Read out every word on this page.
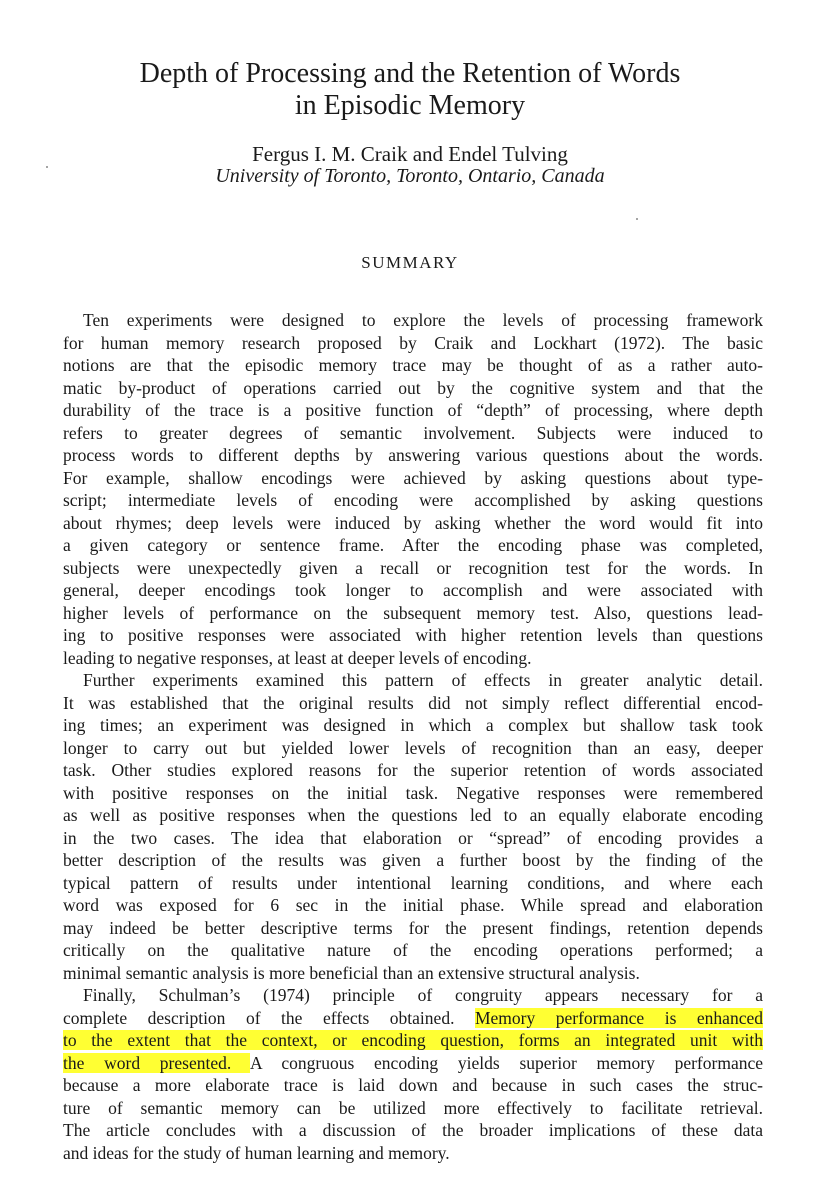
Depth of Processing and the Retention of Words
in Episodic Memory
Fergus I. M. Craik and Endel Tulving
University of Toronto, Toronto, Ontario, Canada
SUMMARY
Ten experiments were designed to explore the levels of processing framework
for human memory research proposed by Craik and Lockhart (1972). The basic
notions are that the episodic memory trace may be thought of as a rather auto-
matic by-product of operations carried out by the cognitive system and that the
durability of the trace is a positive function of “depth” of processing, where depth
refers to greater degrees of semantic involvement. Subjects were induced to
process words to different depths by answering various questions about the words.
For example, shallow encodings were achieved by asking questions about type-
script; intermediate levels of encoding were accomplished by asking questions
about rhymes; deep levels were induced by asking whether the word would fit into
a given category or sentence frame. After the encoding phase was completed,
subjects were unexpectedly given a recall or recognition test for the words. In
general, deeper encodings took longer to accomplish and were associated with
higher levels of performance on the subsequent memory test. Also, questions lead-
ing to positive responses were associated with higher retention levels than questions
leading to negative responses, at least at deeper levels of encoding.
Further experiments examined this pattern of effects in greater analytic detail.
It was established that the original results did not simply reflect differential encod-
ing times; an experiment was designed in which a complex but shallow task took
longer to carry out but yielded lower levels of recognition than an easy, deeper
task. Other studies explored reasons for the superior retention of words associated
with positive responses on the initial task. Negative responses were remembered
as well as positive responses when the questions led to an equally elaborate encoding
in the two cases. The idea that elaboration or “spread” of encoding provides a
better description of the results was given a further boost by the finding of the
typical pattern of results under intentional learning conditions, and where each
word was exposed for 6 sec in the initial phase. While spread and elaboration
may indeed be better descriptive terms for the present findings, retention depends
critically on the qualitative nature of the encoding operations performed; a
minimal semantic analysis is more beneficial than an extensive structural analysis.
Finally, Schulman’s (1974) principle of congruity appears necessary for a
complete description of the effects obtained. Memory performance is enhanced
to the extent that the context, or encoding question, forms an integrated unit with
the word presented. A congruous encoding yields superior memory performance
because a more elaborate trace is laid down and because in such cases the struc-
ture of semantic memory can be utilized more effectively to facilitate retrieval.
The article concludes with a discussion of the broader implications of these data
and ideas for the study of human learning and memory.
